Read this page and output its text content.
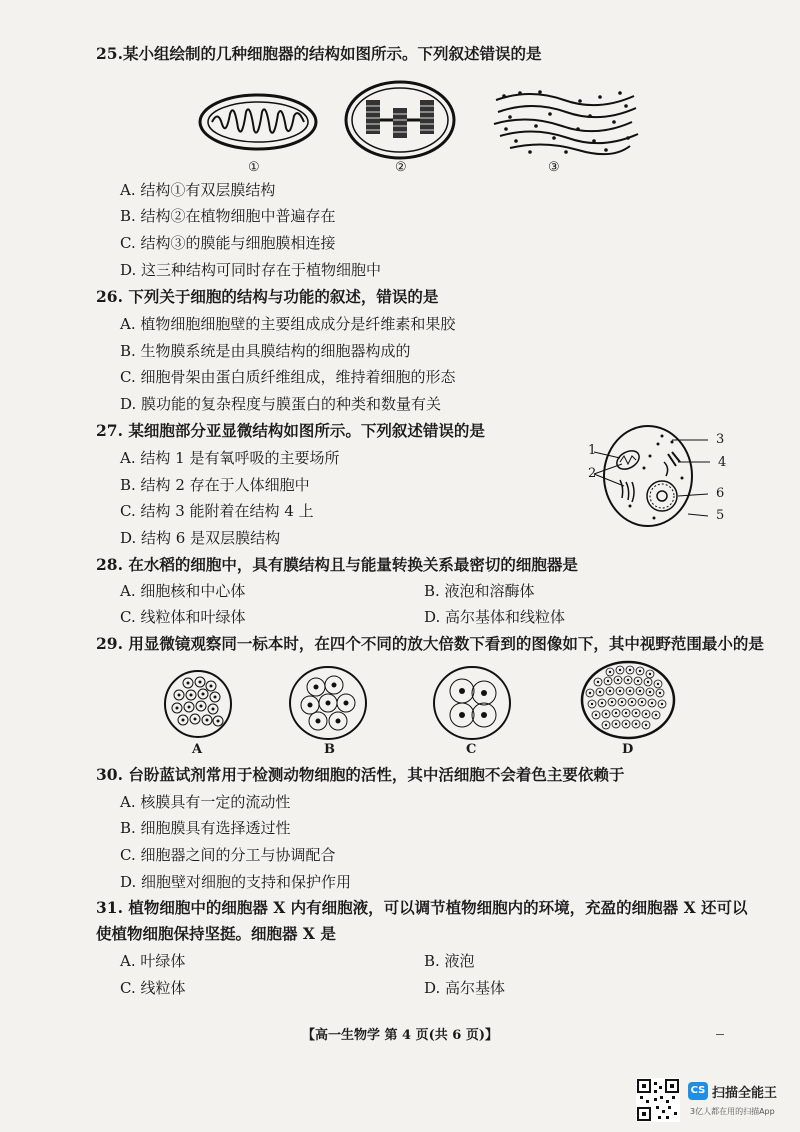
25.某小组绘制的几种细胞器的结构如图所示。下列叙述错误的是
①	②	③
A. 结构①有双层膜结构
B. 结构②在植物细胞中普遍存在
C. 结构③的膜能与细胞膜相连接
D. 这三种结构可同时存在于植物细胞中
26. 下列关于细胞的结构与功能的叙述，错误的是
A. 植物细胞细胞壁的主要组成成分是纤维素和果胶
B. 生物膜系统是由具膜结构的细胞器构成的
C. 细胞骨架由蛋白质纤维组成，维持着细胞的形态
D. 膜功能的复杂程度与膜蛋白的种类和数量有关
27. 某细胞部分亚显微结构如图所示。下列叙述错误的是
A. 结构 1 是有氧呼吸的主要场所
B. 结构 2 存在于人体细胞中
C. 结构 3 能附着在结构 4 上
D. 结构 6 是双层膜结构
1
2
3
4
6
5
28. 在水稻的细胞中，具有膜结构且与能量转换关系最密切的细胞器是
A. 细胞核和中心体	B. 液泡和溶酶体
C. 线粒体和叶绿体	D. 高尔基体和线粒体
29. 用显微镜观察同一标本时，在四个不同的放大倍数下看到的图像如下，其中视野范围最小的是
A	B	C	D
30. 台盼蓝试剂常用于检测动物细胞的活性，其中活细胞不会着色主要依赖于
A. 核膜具有一定的流动性
B. 细胞膜具有选择透过性
C. 细胞器之间的分工与协调配合
D. 细胞壁对细胞的支持和保护作用
31. 植物细胞中的细胞器 X 内有细胞液，可以调节植物细胞内的环境，充盈的细胞器 X 还可以
使植物细胞保持坚挺。细胞器 X 是
A. 叶绿体	B. 液泡
C. 线粒体	D. 高尔基体
【高一生物学 第 4 页(共 6 页)】
CS 扫描全能王
3亿人都在用的扫描App
